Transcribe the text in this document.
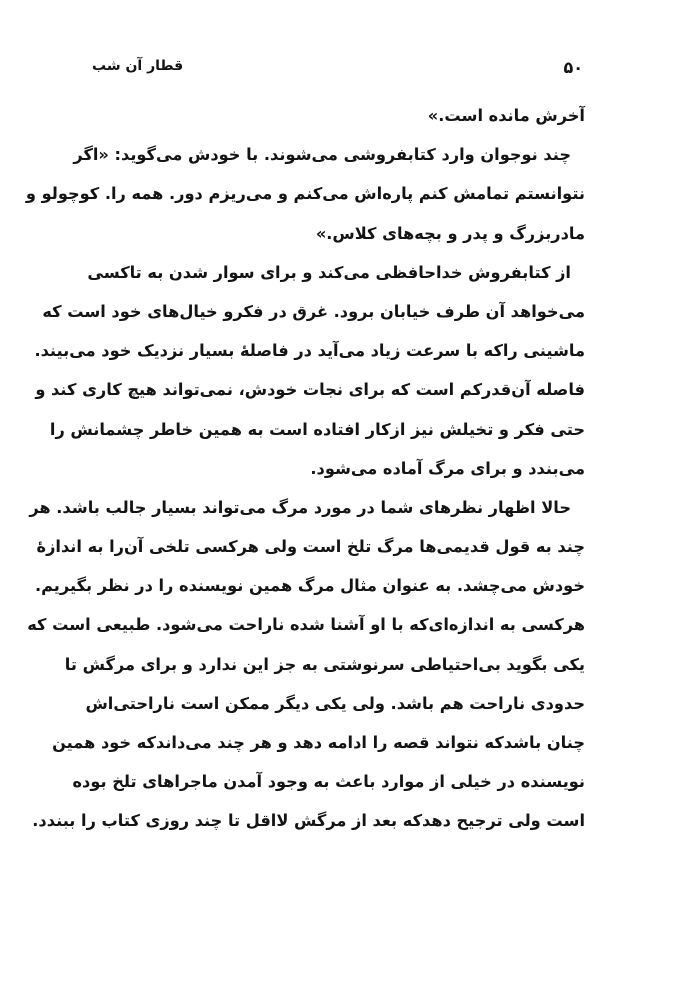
۵۰
قطار آن شب
آخرش مانده است.»
چند نوجوان وارد کتابفروشی می‌شوند. با خودش می‌گوید: «اگر
نتوانستم تمامش کنم پاره‌اش می‌کنم و می‌ریزم دور. همه را. کوچولو و
مادربزرگ و پدر و بچه‌های کلاس.»
از کتابفروش خداحافظی می‌کند و برای سوار شدن به تاکسی
می‌خواهد آن طرف خیابان برود. غرق در فکرو خیال‌های خود است که
ماشینی راکه با سرعت زیاد می‌آید در فاصلهٔ بسیار نزدیک خود می‌بیند.
فاصله آن‌قدرکم است که برای نجات خودش، نمی‌تواند هیچ کاری کند و
حتی فکر و تخیلش نیز ازکار افتاده است به همین خاطر چشمانش را
می‌بندد و برای مرگ آماده می‌شود.
حالا اظهار نظرهای شما در مورد مرگ می‌تواند بسیار جالب باشد. هر
چند به قول قدیمی‌ها مرگ تلخ است ولی هرکسی تلخی آن‌را به اندازهٔ
خودش می‌چشد. به عنوان مثال مرگ همین نویسنده را در نظر بگیریم.
هرکسی به اندازه‌ای‌که با او آشنا شده ناراحت می‌شود. طبیعی است که
یکی بگوید بی‌احتیاطی سرنوشتی به جز این ندارد و برای مرگش تا
حدودی ناراحت هم باشد. ولی یکی دیگر ممکن است ناراحتی‌اش
چنان باشد‌که نتواند قصه را ادامه دهد و هر چند می‌داند‌که خود همین
نویسنده در خیلی از موارد باعث به وجود آمدن ماجراهای تلخ بوده
است ولی ترجیح دهد‌که بعد از مرگش لااقل تا چند روزی کتاب را ببندد.
